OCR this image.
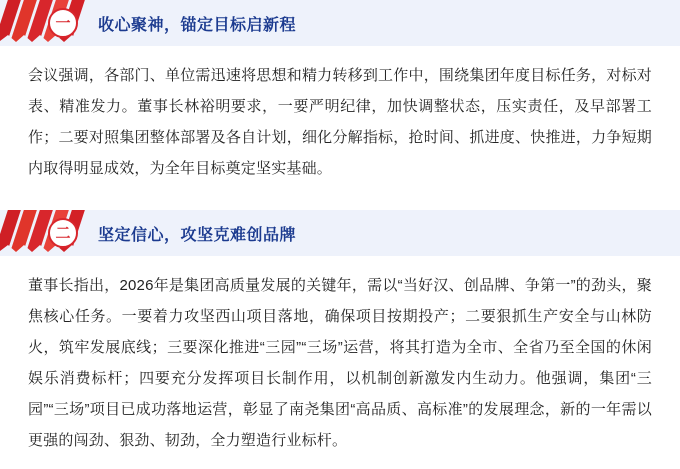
一	收心聚神，锚定目标启新程

会议强调，各部门、单位需迅速将思想和精力转移到工作中，围绕集团年度目标任务，对标对表、精准发力。董事长林裕明要求，一要严明纪律，加快调整状态，压实责任，及早部署工作；二要对照集团整体部署及各自计划，细化分解指标，抢时间、抓进度、快推进，力争短期内取得明显成效，为全年目标奠定坚实基础。

二	坚定信心，攻坚克难创品牌

董事长指出，2026年是集团高质量发展的关键年，需以“当好汉、创品牌、争第一”的劲头，聚焦核心任务。一要着力攻坚西山项目落地，确保项目按期投产；二要狠抓生产安全与山林防火，筑牢发展底线；三要深化推进“三园”“三场”运营，将其打造为全市、全省乃至全国的休闲娱乐消费标杆；四要充分发挥项目长制作用，以机制创新激发内生动力。他强调，集团“三园”“三场”项目已成功落地运营，彰显了南尧集团“高品质、高标准”的发展理念，新的一年需以更强的闯劲、狠劲、韧劲，全力塑造行业标杆。
